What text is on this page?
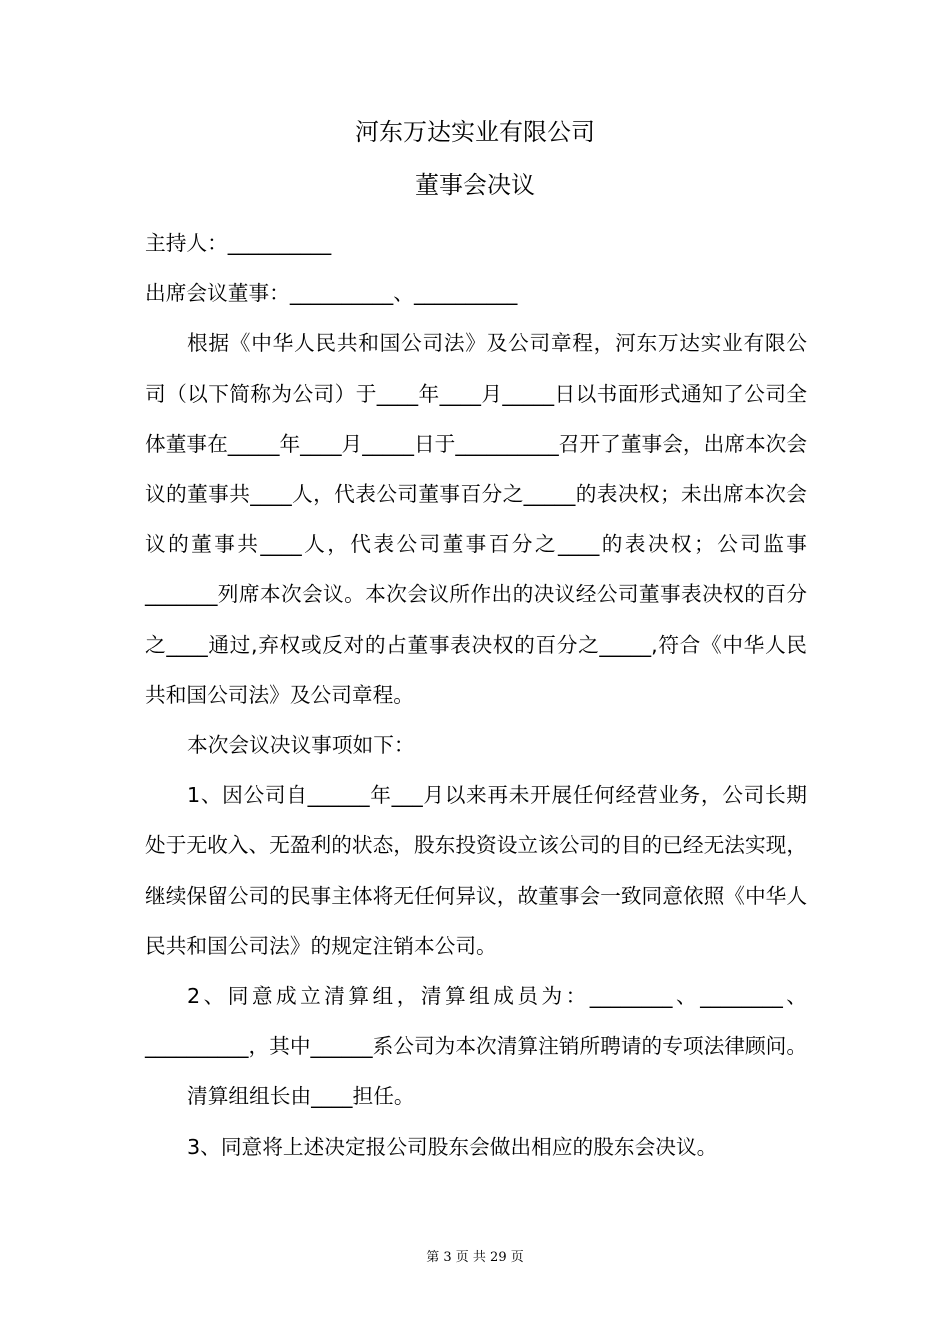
河东万达实业有限公司
董事会决议

主持人：__________

出席会议董事：__________、__________

根据《中华人民共和国公司法》及公司章程，河东万达实业有限公司（以下简称为公司）于____年____月_____日以书面形式通知了公司全体董事在_____年____月_____日于__________召开了董事会，出席本次会议的董事共____人，代表公司董事百分之_____的表决权；未出席本次会议的董事共____人，代表公司董事百分之____的表决权；公司监事_______列席本次会议。本次会议所作出的决议经公司董事表决权的百分之____通过,弃权或反对的占董事表决权的百分之_____,符合《中华人民共和国公司法》及公司章程。

本次会议决议事项如下：

1、因公司自______年___月以来再未开展任何经营业务，公司长期处于无收入、无盈利的状态，股东投资设立该公司的目的已经无法实现，继续保留公司的民事主体将无任何异议，故董事会一致同意依照《中华人民共和国公司法》的规定注销本公司。

2、同意成立清算组，清算组成员为：________、________、__________，其中______系公司为本次清算注销所聘请的专项法律顾问。

清算组组长由____担任。

3、同意将上述决定报公司股东会做出相应的股东会决议。

第 3 页 共 29 页
